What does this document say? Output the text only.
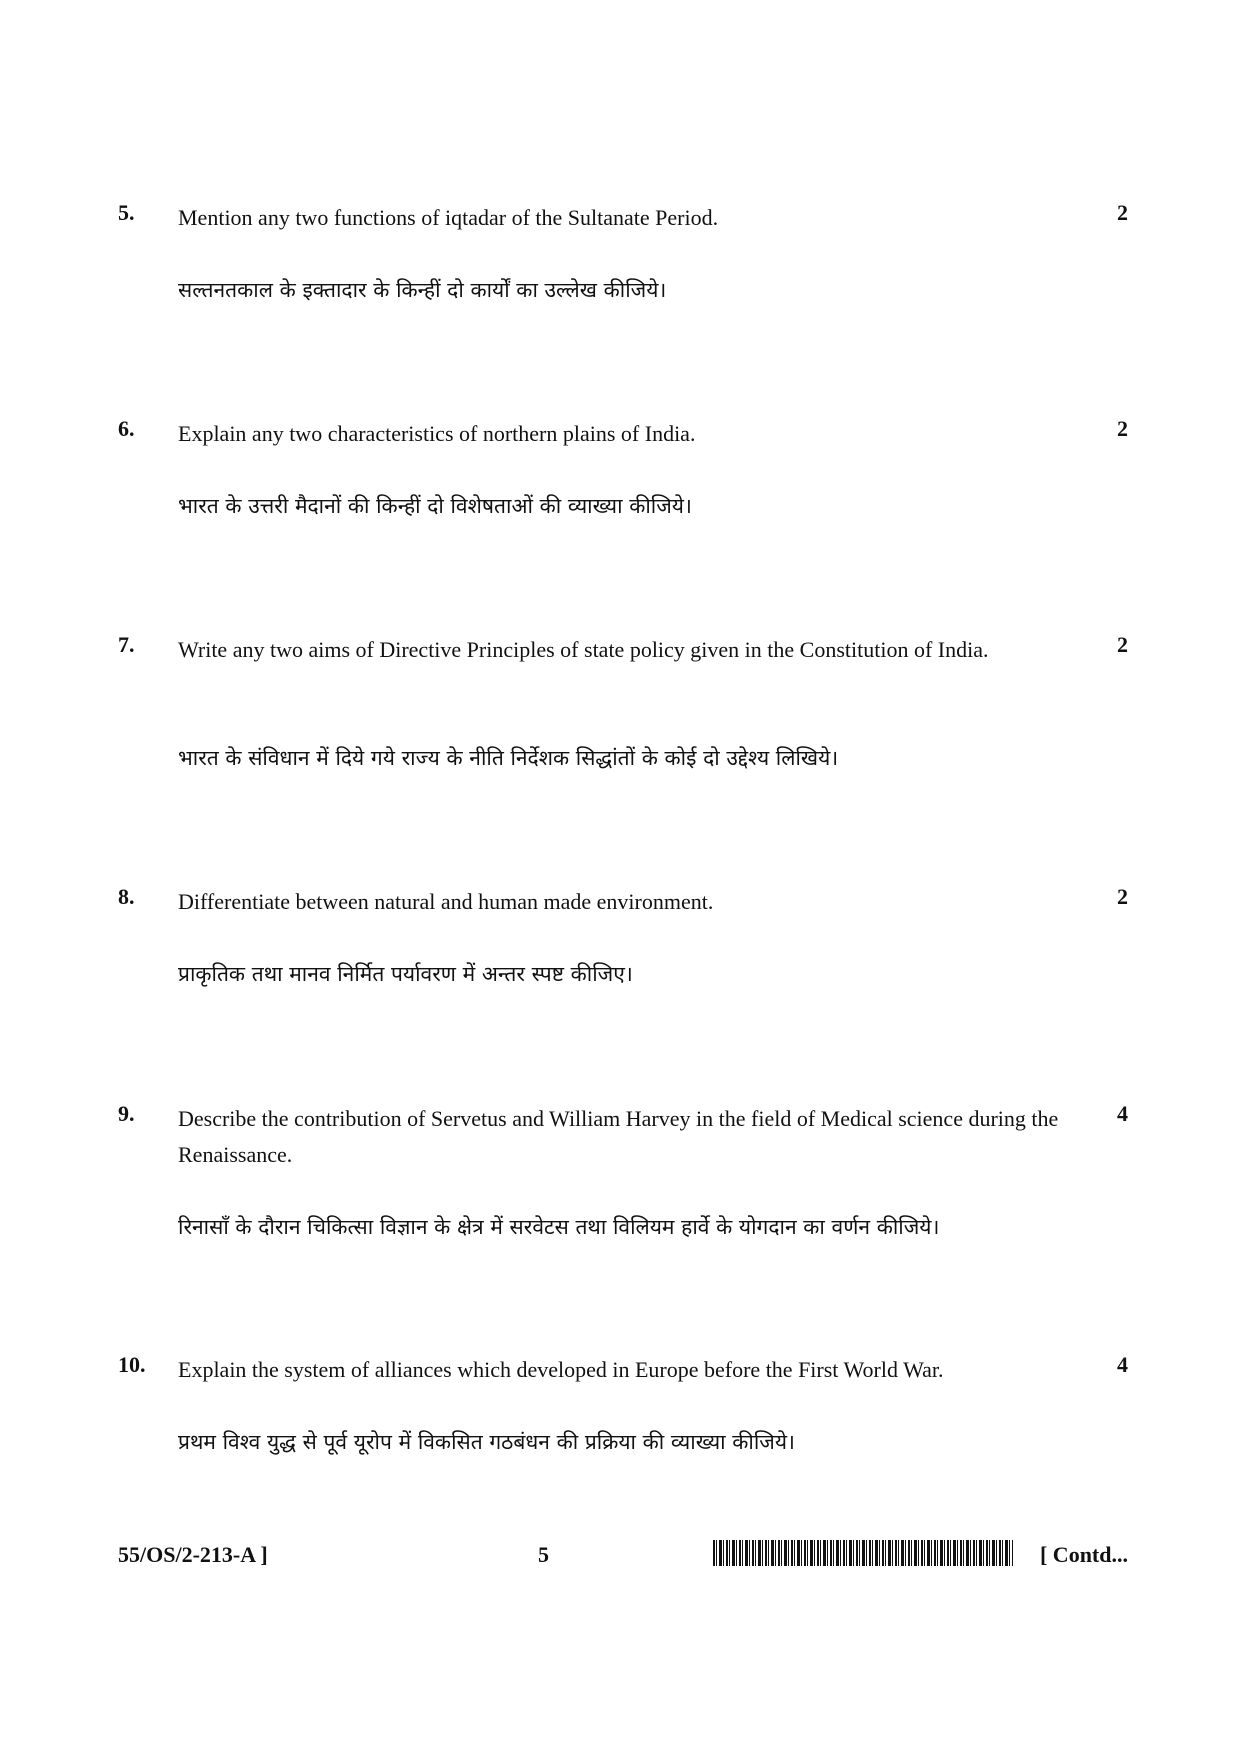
5. Mention any two functions of iqtadar of the Sultanate Period.	2
सल्तनतकाल के इक्तादार के किन्हीं दो कार्यों का उल्लेख कीजिये।
6. Explain any two characteristics of northern plains of India.	2
भारत के उत्तरी मैदानों की किन्हीं दो विशेषताओं की व्याख्या कीजिये।
7. Write any two aims of Directive Principles of state policy given in the Constitution of India.	2
भारत के संविधान में दिये गये राज्य के नीति निर्देशक सिद्धांतों के कोई दो उद्देश्य लिखिये।
8. Differentiate between natural and human made environment.	2
प्राकृतिक तथा मानव निर्मित पर्यावरण में अन्तर स्पष्ट कीजिए।
9. Describe the contribution of Servetus and William Harvey in the field of Medical science during the Renaissance.
4
रिनासाँ के दौरान चिकित्सा विज्ञान के क्षेत्र में सरवेटस तथा विलियम हार्वे के योगदान का वर्णन कीजिये।
10. Explain the system of alliances which developed in Europe before the First World War.	4
प्रथम विश्व युद्ध से पूर्व यूरोप में विकसित गठबंधन की प्रक्रिया की व्याख्या कीजिये।
55/OS/2-213-A ]	5	[ Contd...
